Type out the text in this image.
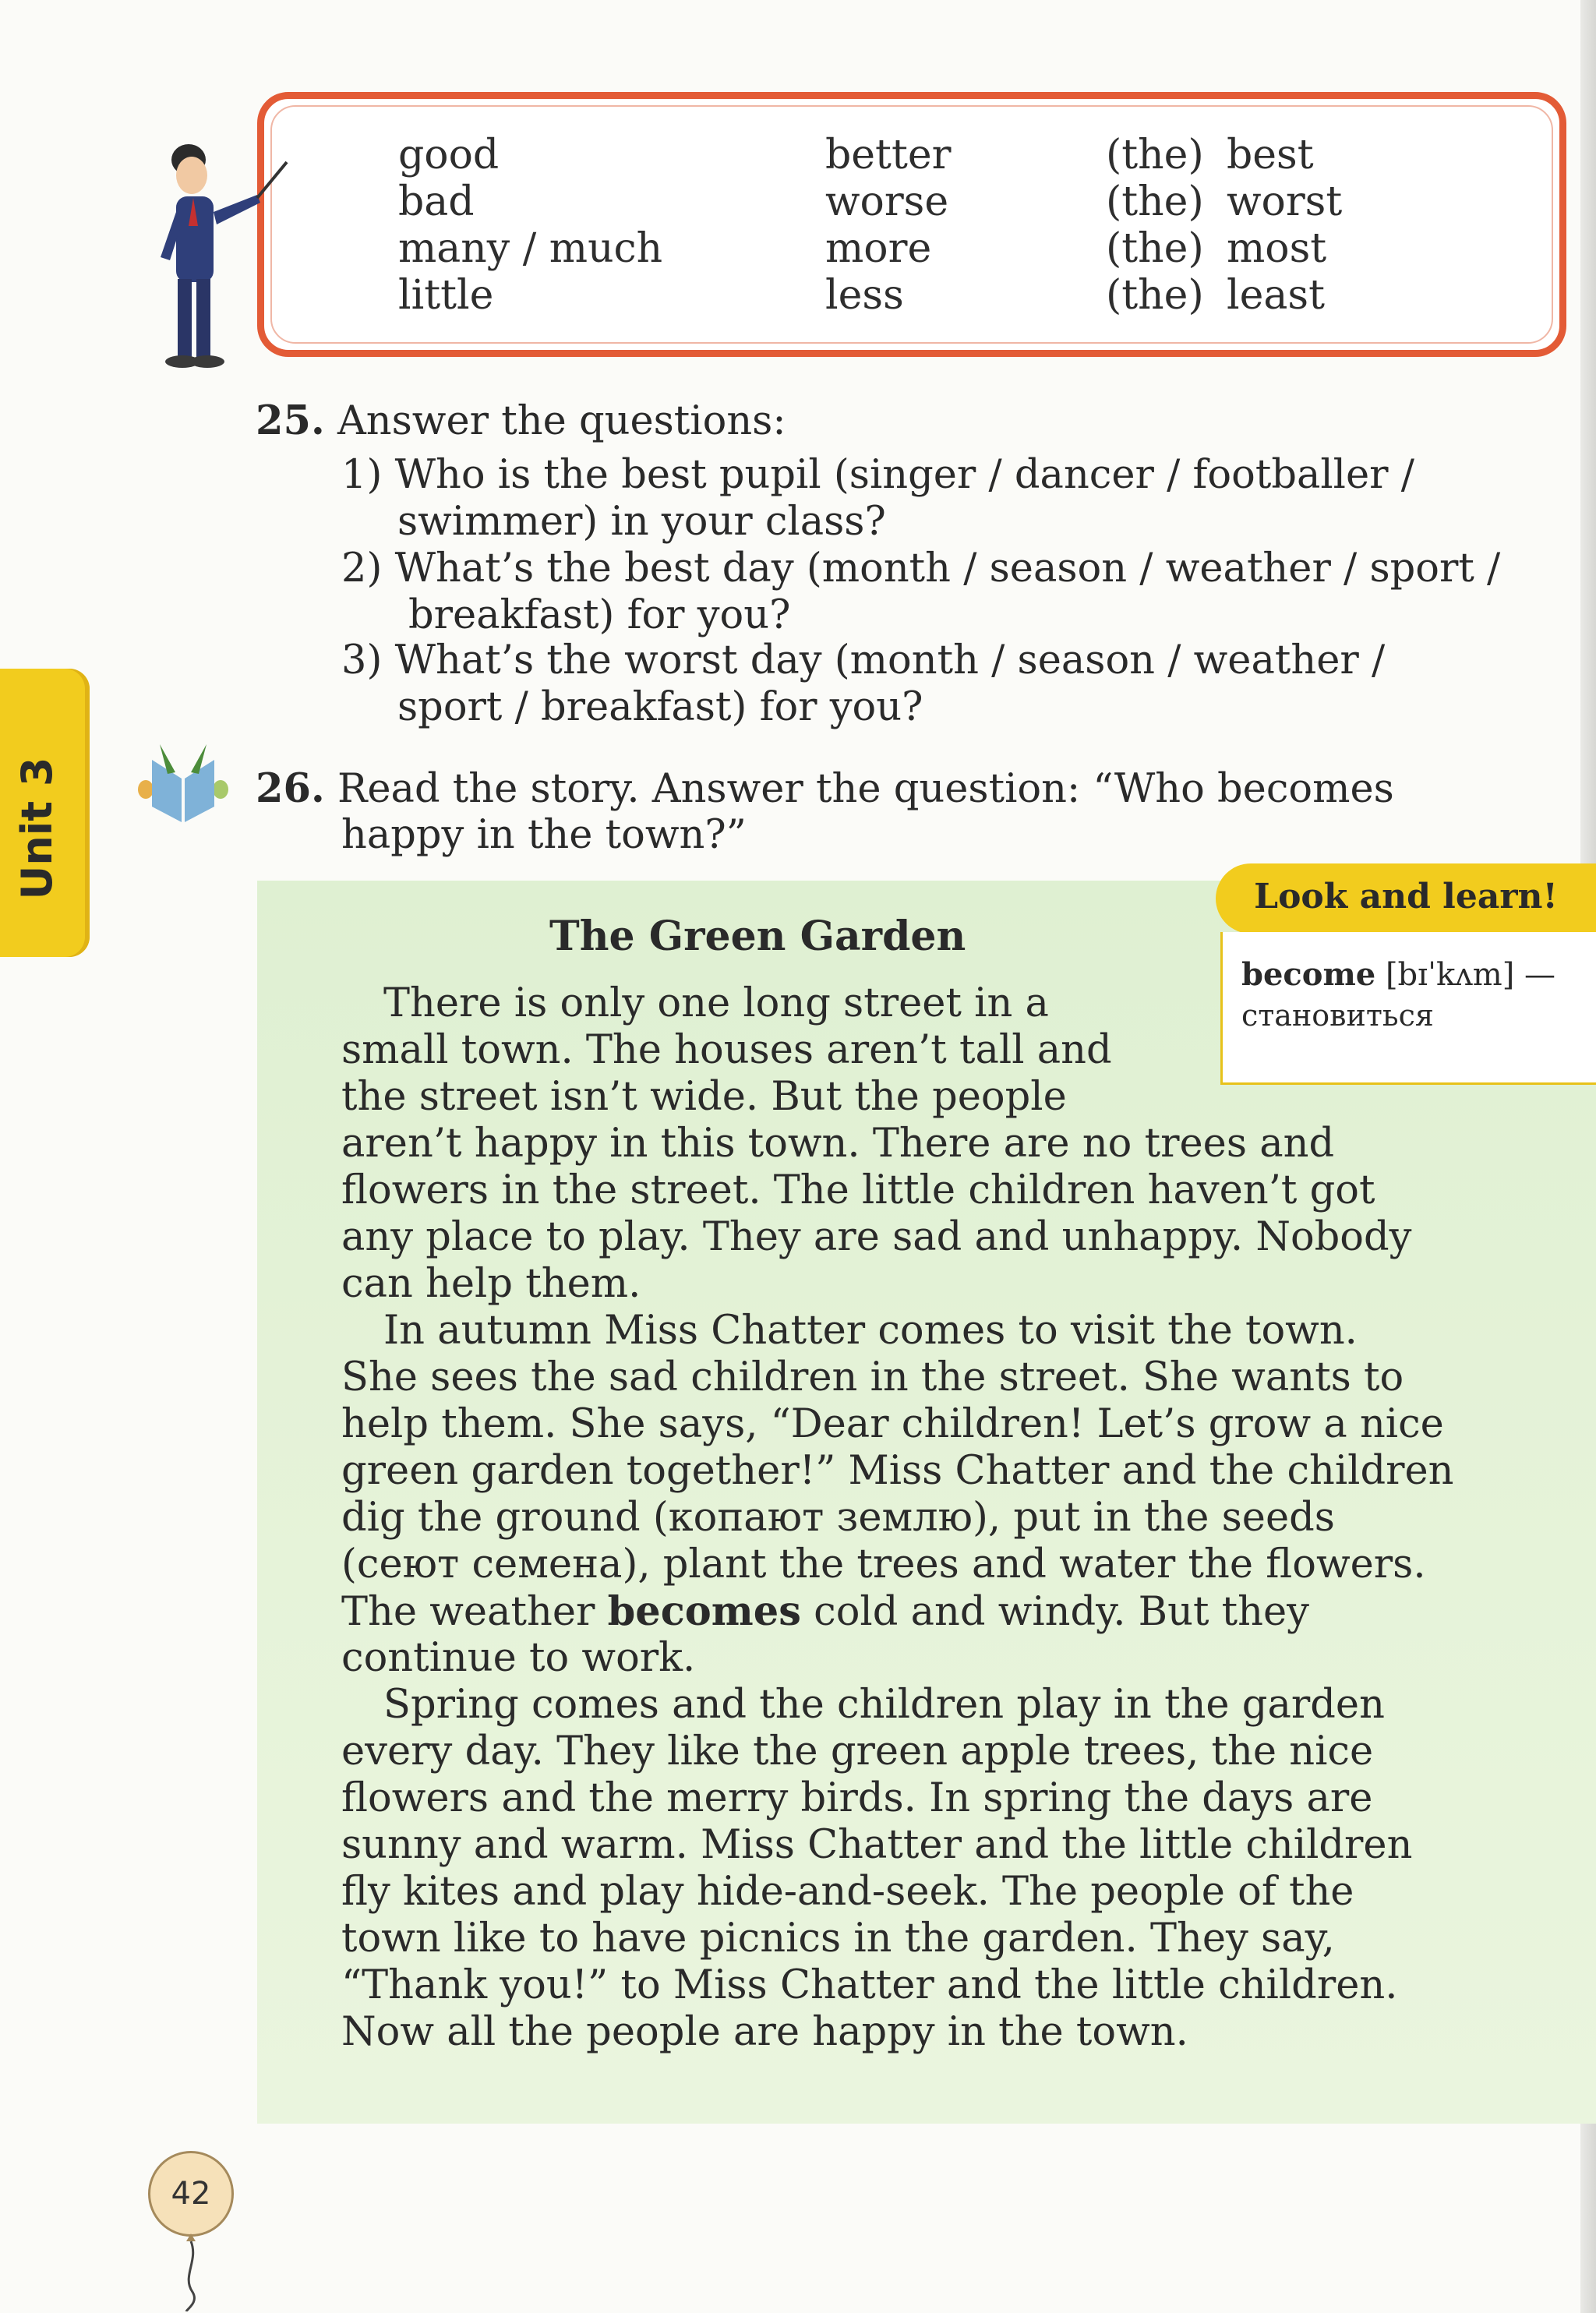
good	better	(the) best
bad	worse	(the) worst
many / much	more	(the) most
little	less	(the) least
25. Answer the questions:
1) Who is the best pupil (singer / dancer / footballer /
swimmer) in your class?
2) What’s the best day (month / season / weather / sport /
breakfast) for you?
3) What’s the worst day (month / season / weather /
sport / breakfast) for you?
Unit 3	26. Read the story. Answer the question: “Who becomes
happy in the town?”
Look and learn!
become [bɪˈkʌm] —
становиться
The Green Garden
There is only one long street in a
small town. The houses aren’t tall and
the street isn’t wide. But the people
aren’t happy in this town. There are no trees and
flowers in the street. The little children haven’t got
any place to play. They are sad and unhappy. Nobody
can help them.
In autumn Miss Chatter comes to visit the town.
She sees the sad children in the street. She wants to
help them. She says, “Dear children! Let’s grow a nice
green garden together!” Miss Chatter and the children
dig the ground (копают землю), put in the seeds
(сеют семена), plant the trees and water the flowers.
The weather becomes cold and windy. But they
continue to work.
Spring comes and the children play in the garden
every day. They like the green apple trees, the nice
flowers and the merry birds. In spring the days are
sunny and warm. Miss Chatter and the little children
fly kites and play hide-and-seek. The people of the
town like to have picnics in the garden. They say,
“Thank you!” to Miss Chatter and the little children.
Now all the people are happy in the town.
42
